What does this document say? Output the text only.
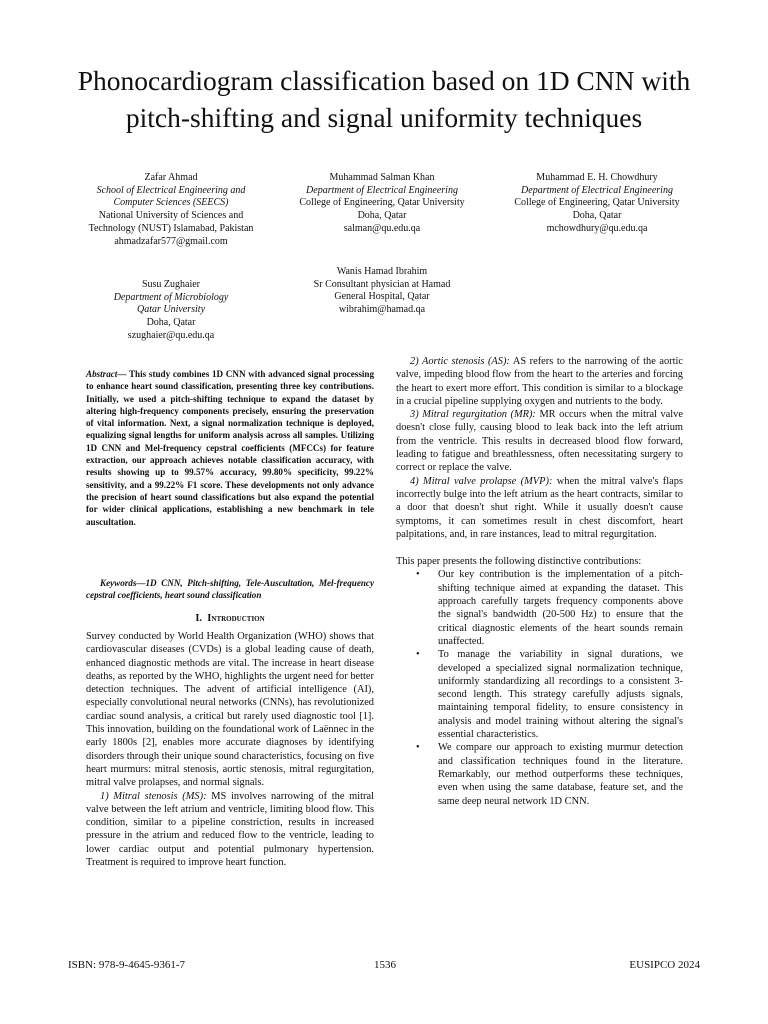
Phonocardiogram classification based on 1D CNN with pitch-shifting and signal uniformity techniques
Zafar Ahmad
School of Electrical Engineering and Computer Sciences (SEECS)
National University of Sciences and Technology (NUST) Islamabad, Pakistan
ahmadzafar577@gmail.com
Muhammad Salman Khan
Department of Electrical Engineering
College of Engineering, Qatar University
Doha, Qatar
salman@qu.edu.qa
Muhammad E. H. Chowdhury
Department of Electrical Engineering
College of Engineering, Qatar University
Doha, Qatar
mchowdhury@qu.edu.qa
Susu Zughaier
Department of Microbiology
Qatar University
Doha, Qatar
szughaier@qu.edu.qa
Wanis Hamad Ibrahim
Sr Consultant physician at Hamad
General Hospital, Qatar
wibrahim@hamad.qa

Abstract— This study combines 1D CNN with advanced signal processing to enhance heart sound classification, presenting three key contributions. Initially, we used a pitch-shifting technique to expand the dataset by altering high-frequency components precisely, ensuring the preservation of vital information. Next, a signal normalization technique is deployed, equalizing signal lengths for uniform analysis across all samples. Utilizing 1D CNN and Mel-frequency cepstral coefficients (MFCCs) for feature extraction, our approach achieves notable classification accuracy, with results showing up to 99.57% accuracy, 99.80% specificity, 99.22% sensitivity, and a 99.22% F1 score. These developments not only advance the precision of heart sound classifications but also expand the potential for wider clinical applications, establishing a new benchmark in tele auscultation.

Keywords—1D CNN, Pitch-shifting, Tele-Auscultation, Mel-frequency cepstral coefficients, heart sound classification

I. Introduction

Survey conducted by World Health Organization (WHO) shows that cardiovascular diseases (CVDs) is a global leading cause of death, enhanced diagnostic methods are vital. The increase in heart disease deaths, as reported by the WHO, highlights the urgent need for better detection techniques. The advent of artificial intelligence (AI), especially convolutional neural networks (CNNs), has revolutionized cardiac sound analysis, a critical but rarely used diagnostic tool [1]. This innovation, building on the foundational work of Laënnec in the early 1800s [2], enables more accurate diagnoses by identifying disorders through their unique sound characteristics, focusing on five heart murmurs: mitral stenosis, aortic stenosis, mitral regurgitation, mitral valve prolapses, and normal signals.

1) Mitral stenosis (MS): MS involves narrowing of the mitral valve between the left atrium and ventricle, limiting blood flow. This condition, similar to a pipeline constriction, results in increased pressure in the atrium and reduced flow to the ventricle, leading to lower cardiac output and potential pulmonary hypertension. Treatment is required to improve heart function.

2) Aortic stenosis (AS): AS refers to the narrowing of the aortic valve, impeding blood flow from the heart to the arteries and forcing the heart to exert more effort. This condition is similar to a blockage in a crucial pipeline supplying oxygen and nutrients to the body.

3) Mitral regurgitation (MR): MR occurs when the mitral valve doesn't close fully, causing blood to leak back into the left atrium from the ventricle. This results in decreased blood flow forward, leading to fatigue and breathlessness, often necessitating surgery to correct or replace the valve.

4) Mitral valve prolapse (MVP): when the mitral valve's flaps incorrectly bulge into the left atrium as the heart contracts, similar to a door that doesn't shut right. While it usually doesn't cause symptoms, it can sometimes result in chest discomfort, heart palpitations, and, in rare instances, lead to mitral regurgitation.

This paper presents the following distinctive contributions:

• Our key contribution is the implementation of a pitch-shifting technique aimed at expanding the dataset. This approach carefully targets frequency components above the signal's bandwidth (20-500 Hz) to ensure that the critical diagnostic elements of the heart sounds remain unaffected.
• To manage the variability in signal durations, we developed a specialized signal normalization technique, uniformly standardizing all recordings to a consistent 3-second length. This strategy carefully adjusts signals, maintaining temporal fidelity, to ensure consistency in analysis and model training without altering the signal's essential characteristics.
• We compare our approach to existing murmur detection and classification techniques found in the literature. Remarkably, our method outperforms these techniques, even when using the same database, feature set, and the same deep neural network 1D CNN.
ISBN: 978-9-4645-9361-7	1536	EUSIPCO 2024
